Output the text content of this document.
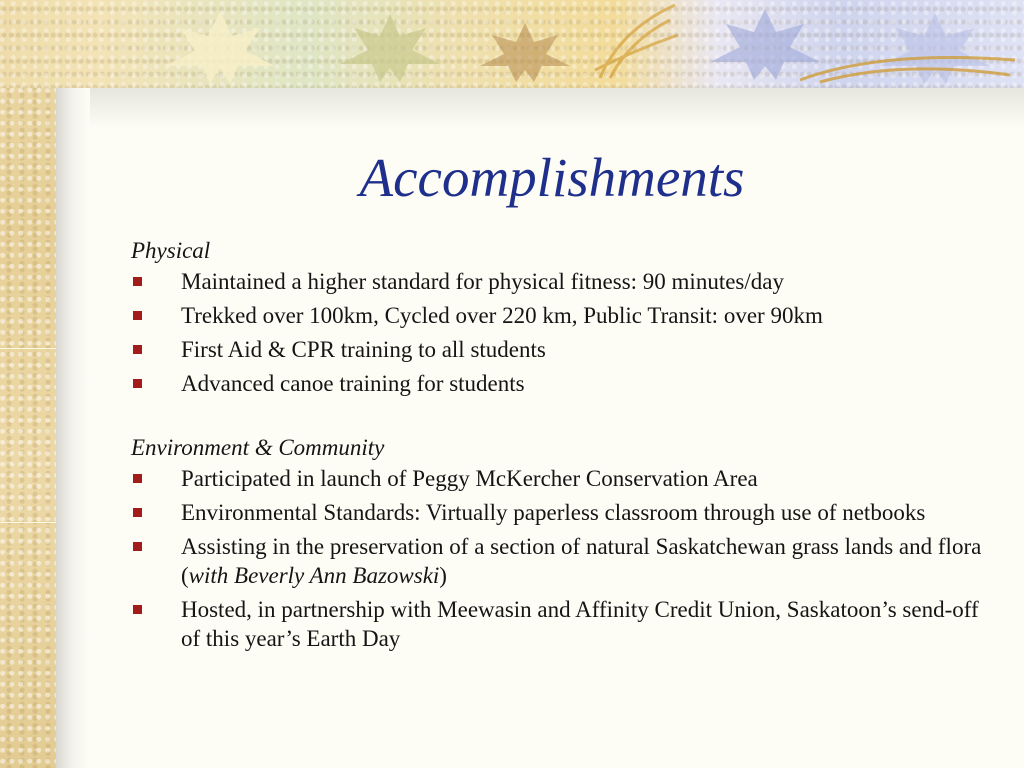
Accomplishments
Physical
Maintained a higher standard for physical fitness: 90 minutes/day
Trekked over 100km, Cycled over 220 km, Public Transit: over 90km
First Aid & CPR training to all students
Advanced canoe training for students
Environment & Community
Participated in launch of Peggy McKercher Conservation Area
Environmental Standards: Virtually paperless classroom through use of netbooks
Assisting in the preservation of a section of natural Saskatchewan grass lands and flora (with Beverly Ann Bazowski)
Hosted, in partnership with Meewasin and Affinity Credit Union, Saskatoon’s send-off of this year’s Earth Day
